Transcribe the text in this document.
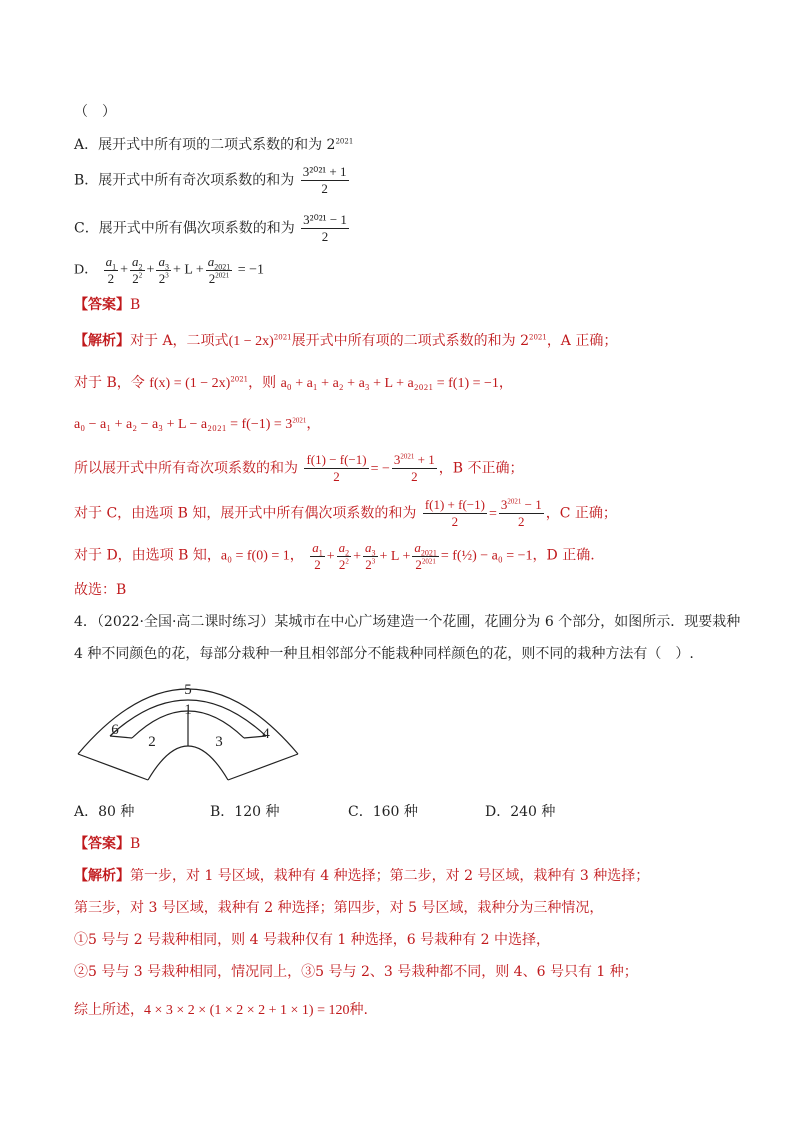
（　）
A．展开式中所有项的二项式系数的和为 $2^{2021}$
B．展开式中所有奇次项系数的和为 $\frac{\text{3²⁰²¹ + 1}}{2}$
C．展开式中所有偶次项系数的和为 $\frac{\text{3²⁰²¹ − 1}}{2}$
D． $\frac{a_1}{2} + \frac{a_2}{2^2} + \frac{a_3}{2^3} + L + \frac{a_{2021}}{2^{2021}} = -1$
【答案】B
【解析】对于 A，二项式$(1 - 2x)^{2021}$展开式中所有项的二项式系数的和为 $2^{2021}$，A 正确；
对于 B，令 $f(x) = (1 - 2x)^{2021}$，则 a₀ + a₁ + a₂ + a₃ + L + a₂₀₂₁ = f(1) = −1，
$a_0 - a_1 + a_2 - a_3 + L - a_{2021} = f(-1) = 3^{2021}$，
所以展开式中所有奇次项系数的和为 $\frac{f(1) - f(-1)}{2}$ = − $\frac{3^{2021} + 1}{2}$ ，B 不正确；
对于 C，由选项 B 知，展开式中所有偶次项系数的和为 $\frac{f(1) + f(-1)}{2} = \frac{3^{2021} - 1}{2}$ ，C 正确；
对于 D，由选项 B 知，a₀ = f(0) = 1， $\frac{a_1}{2} + \frac{a_2}{2^2} + \frac{a_3}{2^3} + L + \frac{a_{2021}}{2^{2021}}$ = f(½) − a₀ = −1，D 正确.
故选：B
4．（2022·全国·高二课时练习）某城市在中心广场建造一个花圃，花圃分为 6 个部分，如图所示．现要栽种
4 种不同颜色的花，每部分栽种一种且相邻部分不能栽种同样颜色的花，则不同的栽种方法有（　）.
1
2	3	4
5
6
A．80 种	B．120 种	C．160 种	D．240 种
【答案】B
【解析】第一步，对 1 号区域，栽种有 4 种选择；第二步，对 2 号区域，栽种有 3 种选择；
第三步，对 3 号区域，栽种有 2 种选择；第四步，对 5 号区域，栽种分为三种情况，
①5 号与 2 号栽种相同，则 4 号栽种仅有 1 种选择，6 号栽种有 2 中选择，
②5 号与 3 号栽种相同，情况同上，③5 号与 2、3 号栽种都不同，则 4、6 号只有 1 种；
综上所述，4 × 3 × 2 × (1 × 2 × 2 + 1 × 1) = 120种.
